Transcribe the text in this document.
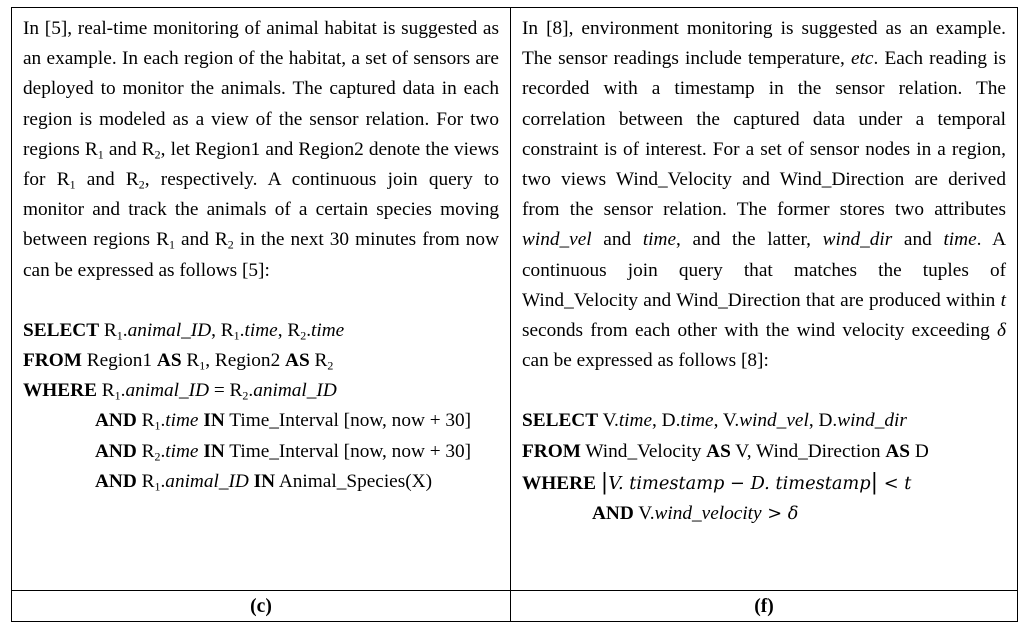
In [5], real-time monitoring of animal habitat is suggested as an example. In each region of the habitat, a set of sensors are deployed to monitor the animals. The captured data in each region is modeled as a view of the sensor relation. For two regions $R_1$ and $R_2$, let Region1 and Region2 denote the views for $R_1$ and $R_2$, respectively. A continuous join query to monitor and track the animals of a certain species moving between regions $R_1$ and $R_2$ in the next 30 minutes from now can be expressed as follows [5]:

SELECT $R_1.animal\_ID$, $R_1.time$, $R_2.time$
FROM Region1 AS $R_1$, Region2 AS $R_2$
WHERE $R_1.animal\_ID$ = $R_2.animal\_ID$
AND $R_1.time$ IN Time_Interval [now, now + 30]
AND $R_2.time$ IN Time_Interval [now, now + 30]
AND $R_1.animal\_ID$ IN Animal_Species(X)

In [8], environment monitoring is suggested as an example. The sensor readings include temperature, etc. Each reading is recorded with a timestamp in the sensor relation. The correlation between the captured data under a temporal constraint is of interest. For a set of sensor nodes in a region, two views Wind_Velocity and Wind_Direction are derived from the sensor relation. The former stores two attributes wind_vel and time, and the latter, wind_dir and time. A continuous join query that matches the tuples of Wind_Velocity and Wind_Direction that are produced within t seconds from each other with the wind velocity exceeding δ can be expressed as follows [8]:

SELECT V.time, D.time, V.wind_vel, D.wind_dir
FROM Wind_Velocity AS V, Wind_Direction AS D
WHERE |V. timestamp − D. timestamp| < t
AND V.wind_velocity > δ
(c)	(f)
